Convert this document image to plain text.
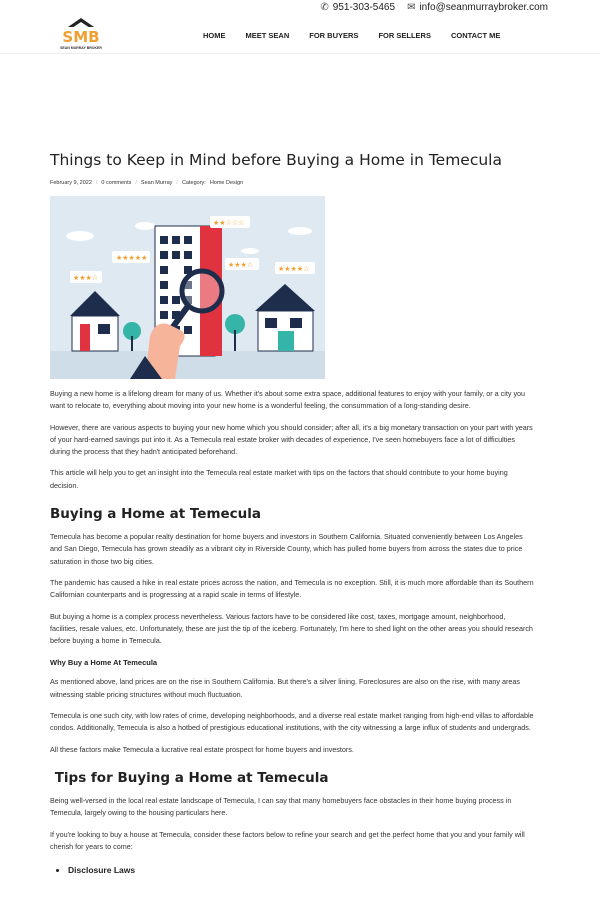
✆ 951-303-5465 ✉ info@seanmurraybroker.com
SMB
SEAN MURRAY BROKER
HOME	MEET SEAN	FOR BUYERS	FOR SELLERS	CONTACT ME
Things to Keep in Mind before Buying a Home in Temecula
February 9, 2022 / 0 comments / Sean Murray / Category: Home Design
★★★★★
★★★☆
★★☆☆☆
★★★☆	★★★★☆

Buying a new home is a lifelong dream for many of us. Whether it's about some extra space, additional features to enjoy with your family, or a city you want to relocate to, everything about moving into your new home is a wonderful feeling, the consummation of a long-standing desire.

However, there are various aspects to buying your new home which you should consider; after all, it's a big monetary transaction on your part with years of your hard-earned savings put into it. As a Temecula real estate broker with decades of experience, I've seen homebuyers face a lot of difficulties during the process that they hadn't anticipated beforehand.

This article will help you to get an insight into the Temecula real estate market with tips on the factors that should contribute to your home buying decision.

Buying a Home at Temecula

Temecula has become a popular realty destination for home buyers and investors in Southern California. Situated conveniently between Los Angeles and San Diego, Temecula has grown steadily as a vibrant city in Riverside County, which has pulled home buyers from across the states due to price saturation in those two big cities.

The pandemic has caused a hike in real estate prices across the nation, and Temecula is no exception. Still, it is much more affordable than its Southern Californian counterparts and is progressing at a rapid scale in terms of lifestyle.

But buying a home is a complex process nevertheless. Various factors have to be considered like cost, taxes, mortgage amount, neighborhood, facilities, resale values, etc. Unfortunately, these are just the tip of the iceberg. Fortunately, I'm here to shed light on the other areas you should research before buying a home in Temecula.

Why Buy a Home At Temecula

As mentioned above, land prices are on the rise in Southern California. But there's a silver lining. Foreclosures are also on the rise, with many areas witnessing stable pricing structures without much fluctuation.

Temecula is one such city, with low rates of crime, developing neighborhoods, and a diverse real estate market ranging from high-end villas to affordable condos. Additionally, Temecula is also a hotbed of prestigious educational institutions, with the city witnessing a large influx of students and undergrads.

All these factors make Temecula a lucrative real estate prospect for home buyers and investors.

Tips for Buying a Home at Temecula

Being well-versed in the local real estate landscape of Temecula, I can say that many homebuyers face obstacles in their home buying process in Temecula, largely owing to the housing particulars here.

If you're looking to buy a house at Temecula, consider these factors below to refine your search and get the perfect home that you and your family will cherish for years to come:

• Disclosure Laws
